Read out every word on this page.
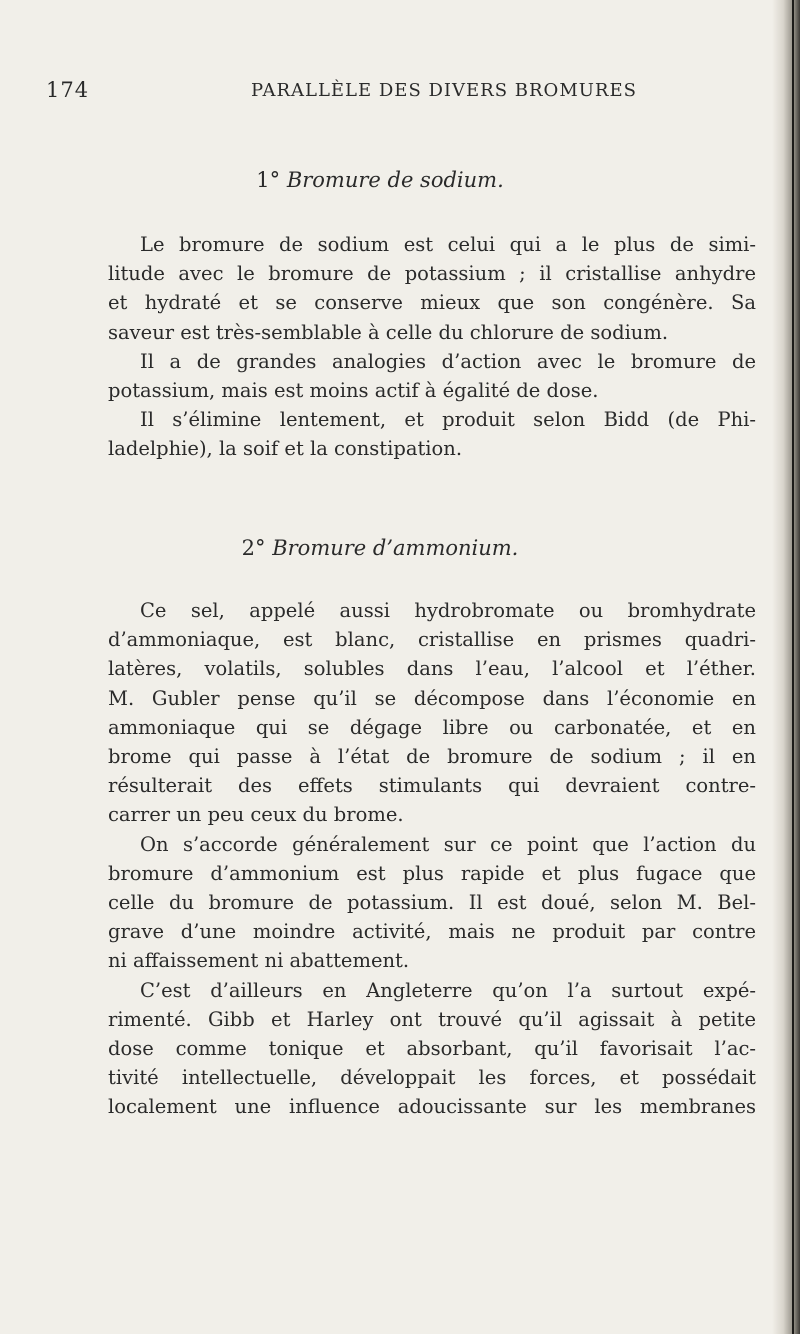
174	PARALLÈLE DES DIVERS BROMURES
1° Bromure de sodium.

Le bromure de sodium est celui qui a le plus de simi-
litude avec le bromure de potassium ; il cristallise anhydre
et hydraté et se conserve mieux que son congénère. Sa
saveur est très-semblable à celle du chlorure de sodium.

Il a de grandes analogies d’action avec le bromure de
potassium, mais est moins actif à égalité de dose.

Il s’élimine lentement, et produit selon Bidd (de Phi-
ladelphie), la soif et la constipation.

2° Bromure d’ammonium.

Ce sel, appelé aussi hydrobromate ou bromhydrate
d’ammoniaque, est blanc, cristallise en prismes quadri-
latères, volatils, solubles dans l’eau, l’alcool et l’éther.
M. Gubler pense qu’il se décompose dans l’économie en
ammoniaque qui se dégage libre ou carbonatée, et en
brome qui passe à l’état de bromure de sodium ; il en
résulterait des effets stimulants qui devraient contre-
carrer un peu ceux du brome.

On s’accorde généralement sur ce point que l’action du
bromure d’ammonium est plus rapide et plus fugace que
celle du bromure de potassium. Il est doué, selon M. Bel-
grave d’une moindre activité, mais ne produit par contre
ni affaissement ni abattement.

C’est d’ailleurs en Angleterre qu’on l’a surtout expé-
rimenté. Gibb et Harley ont trouvé qu’il agissait à petite
dose comme tonique et absorbant, qu’il favorisait l’ac-
tivité intellectuelle, développait les forces, et possédait
localement une influence adoucissante sur les membranes
